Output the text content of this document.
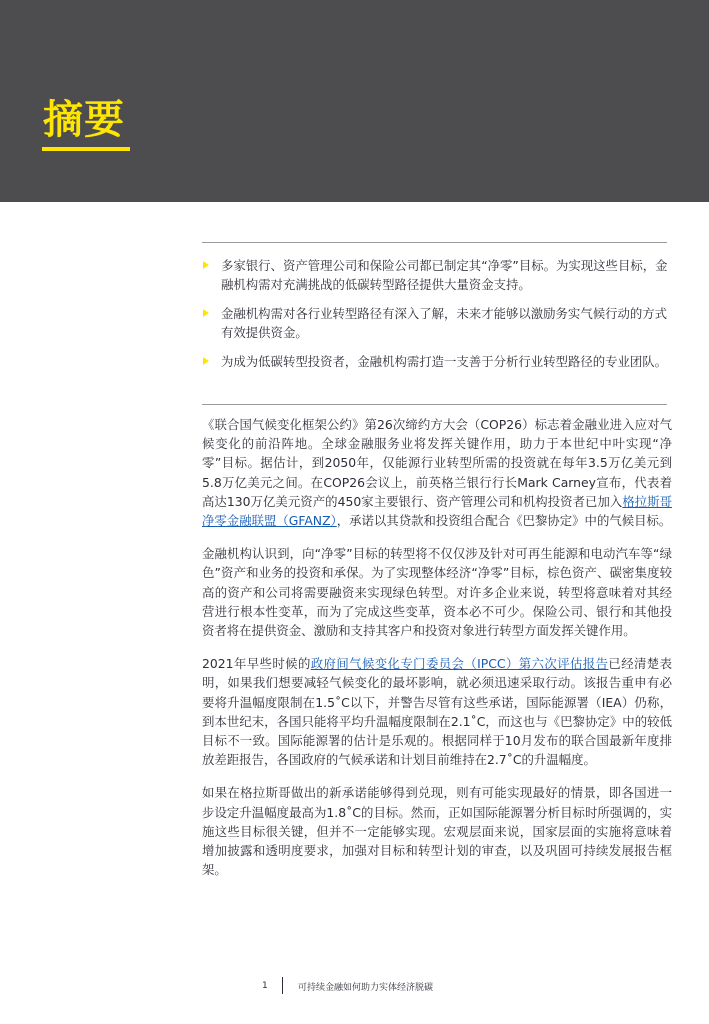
摘要
多家银行、资产管理公司和保险公司都已制定其“净零”目标。为实现这些目标，金融机构需对充满挑战的低碳转型路径提供大量资金支持。
金融机构需对各行业转型路径有深入了解，未来才能够以激励务实气候行动的方式有效提供资金。
为成为低碳转型投资者，金融机构需打造一支善于分析行业转型路径的专业团队。

《联合国气候变化框架公约》第26次缔约方大会（COP26）标志着金融业进入应对气候变化的前沿阵地。全球金融服务业将发挥关键作用，助力于本世纪中叶实现“净零”目标。据估计，到2050年，仅能源行业转型所需的投资就在每年3.5万亿美元到5.8万亿美元之间。在COP26会议上，前英格兰银行行长Mark Carney宣布，代表着高达130万亿美元资产的450家主要银行、资产管理公司和机构投资者已加入格拉斯哥净零金融联盟（GFANZ），承诺以其贷款和投资组合配合《巴黎协定》中的气候目标。

金融机构认识到，向“净零”目标的转型将不仅仅涉及针对可再生能源和电动汽车等“绿色”资产和业务的投资和承保。为了实现整体经济“净零”目标，棕色资产、碳密集度较高的资产和公司将需要融资来实现绿色转型。对许多企业来说，转型将意味着对其经营进行根本性变革，而为了完成这些变革，资本必不可少。保险公司、银行和其他投资者将在提供资金、激励和支持其客户和投资对象进行转型方面发挥关键作用。

2021年早些时候的政府间气候变化专门委员会（IPCC）第六次评估报告已经清楚表明，如果我们想要减轻气候变化的最坏影响，就必须迅速采取行动。该报告重申有必要将升温幅度限制在1.5˚C以下，并警告尽管有这些承诺，国际能源署（IEA）仍称，到本世纪末，各国只能将平均升温幅度限制在2.1˚C，而这也与《巴黎协定》中的较低目标不一致。国际能源署的估计是乐观的。根据同样于10月发布的联合国最新年度排放差距报告，各国政府的气候承诺和计划目前维持在2.7˚C的升温幅度。

如果在格拉斯哥做出的新承诺能够得到兑现，则有可能实现最好的情景，即各国进一步设定升温幅度最高为1.8˚C的目标。然而，正如国际能源署分析目标时所强调的，实施这些目标很关键，但并不一定能够实现。宏观层面来说，国家层面的实施将意味着增加披露和透明度要求，加强对目标和转型计划的审查，以及巩固可持续发展报告框架。

1	可持续金融如何助力实体经济脱碳
